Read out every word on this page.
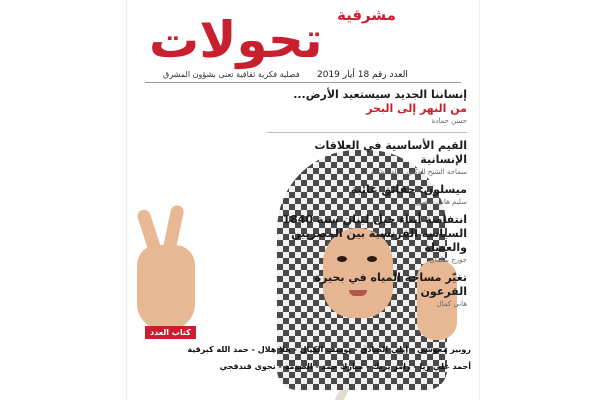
مشرقية
تحولات
فصلية فكرية ثقافية تعنى بشؤون المشرق العدد رقم 18 أيار 2019
إنساننا الجديد سيستعيد الأرض...
من النهر إلى البحر
حسن حمادة
القيم الأساسية في العلاقات الإنسانية
سماحة الشيخ الدكتور خالد الشقم
ميسلون: حقائق غائبة
سليم هاني منصور
انتفاضة أبناء جبل لبنان سنة 1840
السياسة الفرنسية بين المصريين والعصاة
جورج سلمان
تغيّر مساحة المياه في بحيرة القرعون
هاني كمال
كتاب العدد
روبير معوشي - إيلي الصادق - يوسف الكيال - هلا هلال - حمد الله كبرقية
أحمد علي ريا - رامز يزبك - مبارك حمد - الصدمة - نجوى قندقجي
